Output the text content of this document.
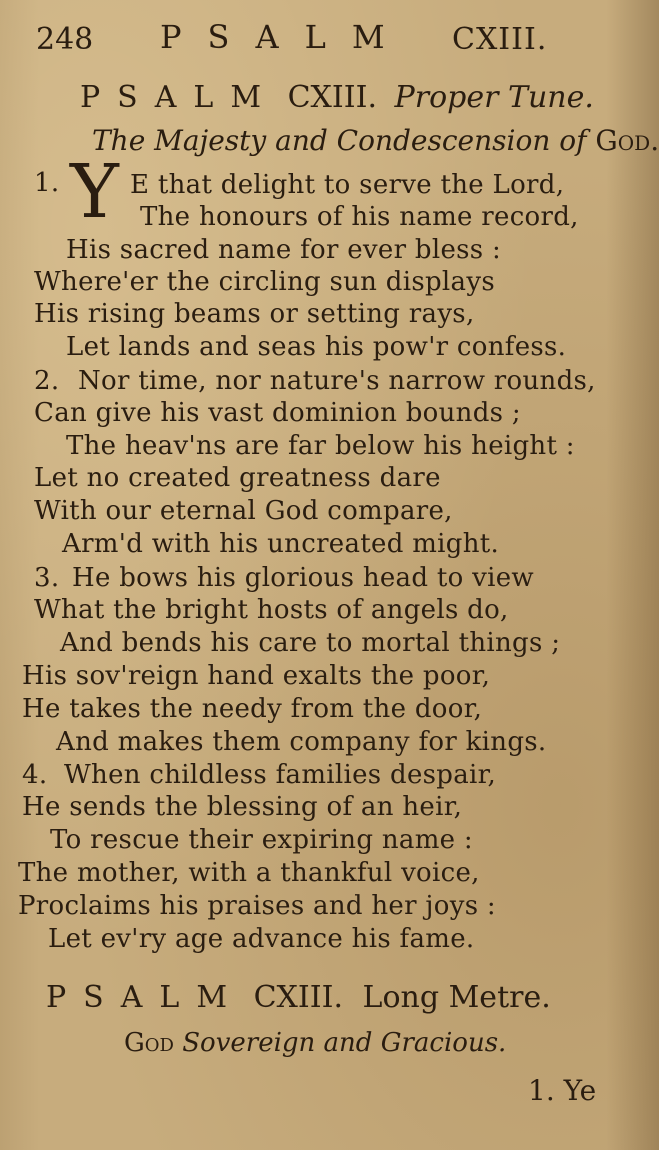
248 PSALM CXIII.
PSALM CXIII. Proper Tune.
The Majesty and Condescension of God.
1. Y E that delight to serve the Lord,
The honours of his name record,
His sacred name for ever bless :
Where'er the circling sun displays
His rising beams or setting rays,
Let lands and seas his pow'r confess.
2. Nor time, nor nature's narrow rounds,
Can give his vast dominion bounds ;
The heav'ns are far below his height :
Let no created greatness dare
With our eternal God compare,
Arm'd with his uncreated might.
3. He bows his glorious head to view
What the bright hosts of angels do,
And bends his care to mortal things ;
His sov'reign hand exalts the poor,
He takes the needy from the door,
And makes them company for kings.
4. When childless families despair,
He sends the blessing of an heir,
To rescue their expiring name :
The mother, with a thankful voice,
Proclaims his praises and her joys :
Let ev'ry age advance his fame.
PSALM CXIII. Long Metre.
God Sovereign and Gracious.
1. Ye
